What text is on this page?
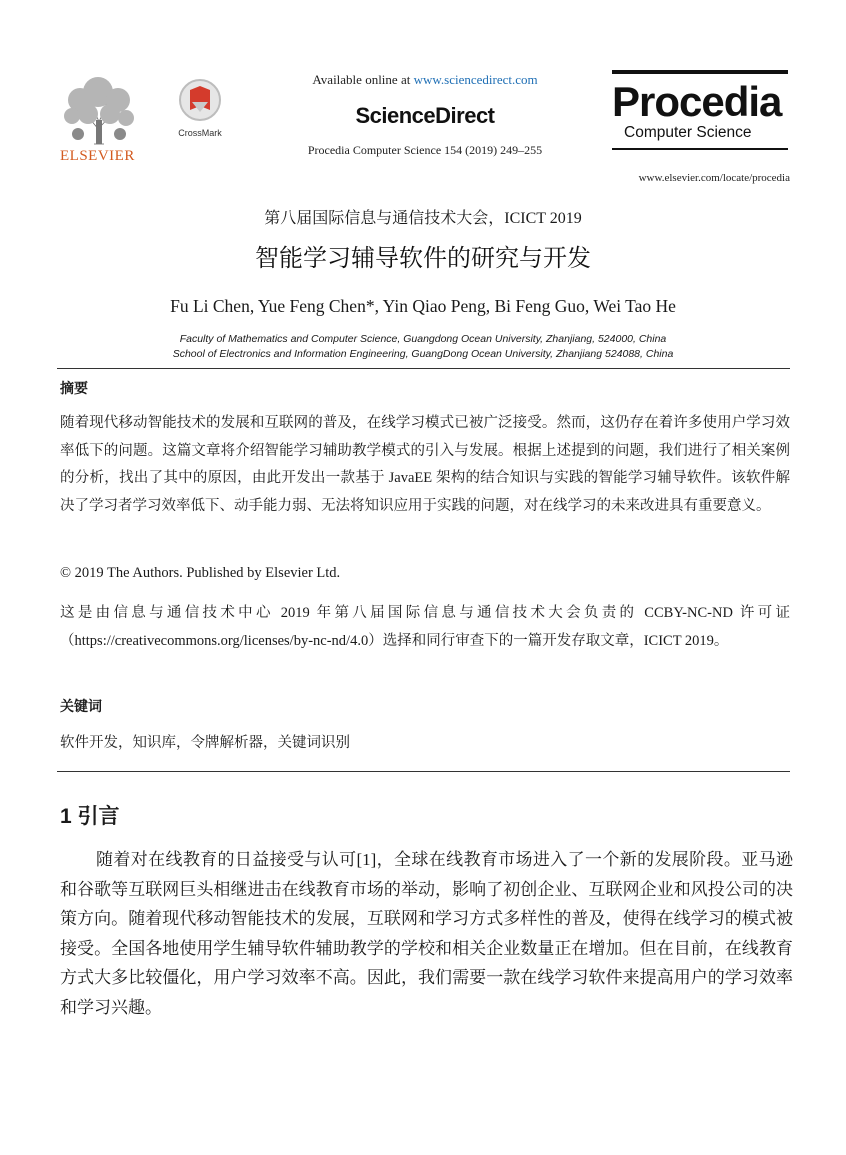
ELSEVIER
CrossMark
Available online at www.sciencedirect.com
ScienceDirect
Procedia Computer Science 154 (2019) 249–255
Procedia
Computer Science
www.elsevier.com/locate/procedia
第八届国际信息与通信技术大会，ICICT 2019
智能学习辅导软件的研究与开发
Fu Li Chen, Yue Feng Chen*, Yin Qiao Peng, Bi Feng Guo, Wei Tao He
Faculty of Mathematics and Computer Science, Guangdong Ocean University, Zhanjiang, 524000, China
School of Electronics and Information Engineering, GuangDong Ocean University, Zhanjiang 524088, China
摘要
随着现代移动智能技术的发展和互联网的普及，在线学习模式已被广泛接受。然而，这仍存在着许多使用户学习效率低下的问题。这篇文章将介绍智能学习辅助教学模式的引入与发展。根据上述提到的问题，我们进行了相关案例的分析，找出了其中的原因，由此开发出一款基于 JavaEE 架构的结合知识与实践的智能学习辅导软件。该软件解决了学习者学习效率低下、动手能力弱、无法将知识应用于实践的问题，对在线学习的未来改进具有重要意义。
© 2019 The Authors. Published by Elsevier Ltd.
这是由信息与通信技术中心 2019 年第八届国际信息与通信技术大会负责的 CCBY-NC-ND 许可证（https://creativecommons.org/licenses/by-nc-nd/4.0）选择和同行审查下的一篇开发存取文章，ICICT 2019。
关键词
软件开发，知识库，令牌解析器，关键词识别
1 引言
随着对在线教育的日益接受与认可[1]，全球在线教育市场进入了一个新的发展阶段。亚马逊和谷歌等互联网巨头相继进击在线教育市场的举动，影响了初创企业、互联网企业和风投公司的决策方向。随着现代移动智能技术的发展，互联网和学习方式多样性的普及，使得在线学习的模式被接受。全国各地使用学生辅导软件辅助教学的学校和相关企业数量正在增加。但在目前，在线教育方式大多比较僵化，用户学习效率不高。因此，我们需要一款在线学习软件来提高用户的学习效率和学习兴趣。
